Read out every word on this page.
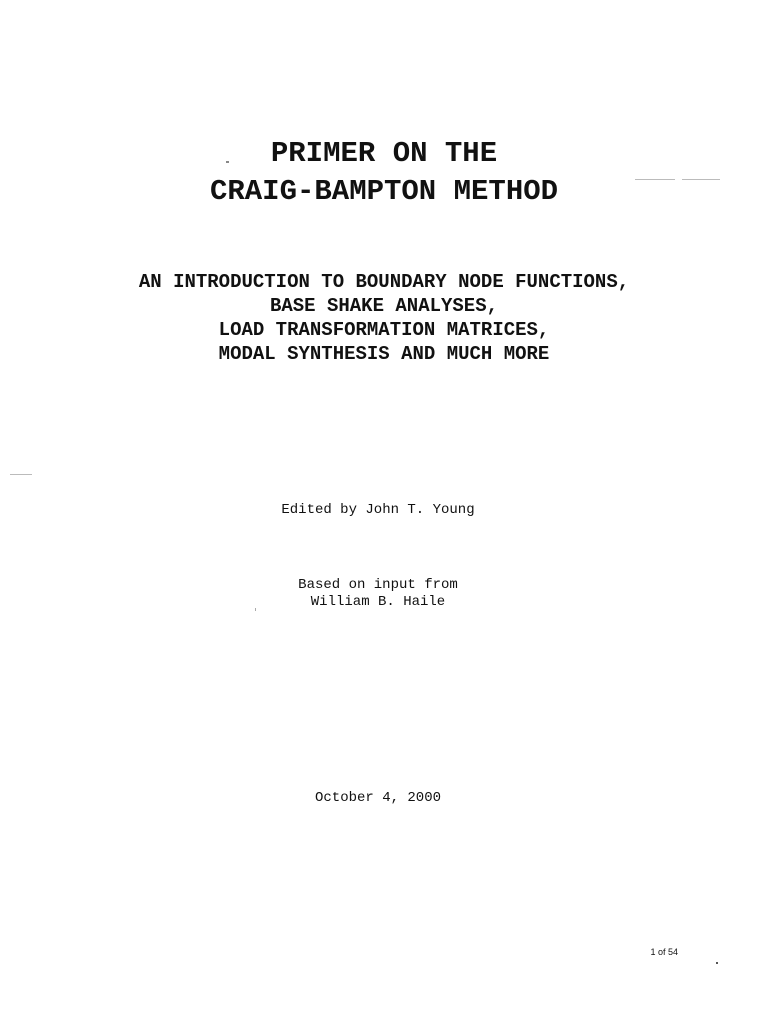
PRIMER ON THE
CRAIG-BAMPTON METHOD
AN INTRODUCTION TO BOUNDARY NODE FUNCTIONS,
BASE SHAKE ANALYSES,
LOAD TRANSFORMATION MATRICES,
MODAL SYNTHESIS AND MUCH MORE
Edited by John T. Young
Based on input from
William B. Haile
October 4, 2000
1 of 54
